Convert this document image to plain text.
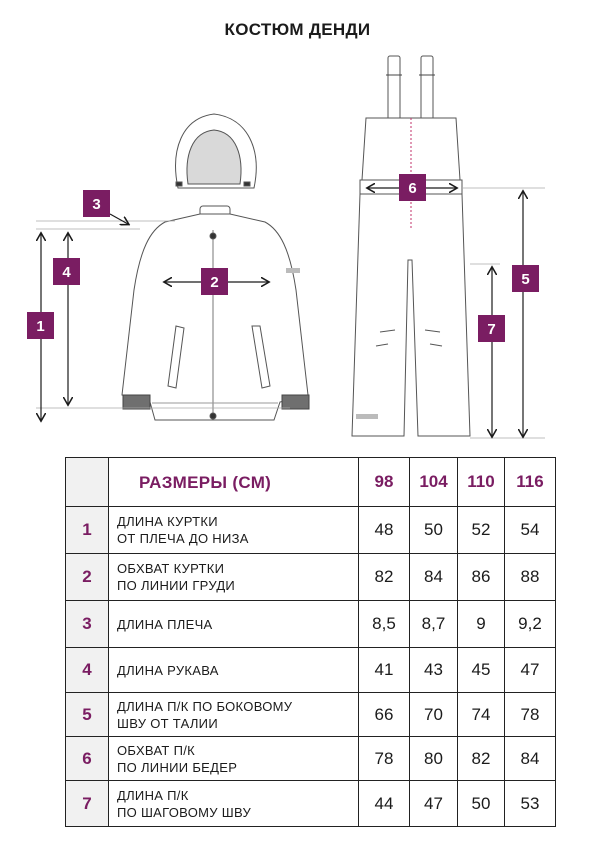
КОСТЮМ ДЕНДИ
1
2
3
4	5
6
7
	РАЗМЕРЫ (СМ)	98	104	110	116
1	ДЛИНА КУРТКИ
ОТ ПЛЕЧА ДО НИЗА	48	50	52	54
2	ОБХВАТ КУРТКИ
ПО ЛИНИИ ГРУДИ	82	84	86	88
3	ДЛИНА ПЛЕЧА	8,5	8,7	9	9,2
4	ДЛИНА РУКАВА	41	43	45	47
5	ДЛИНА П/К ПО БОКОВОМУ
ШВУ ОТ ТАЛИИ	66	70	74	78
6	ОБХВАТ П/К
ПО ЛИНИИ БЕДЕР	78	80	82	84
7	ДЛИНА П/К
ПО ШАГОВОМУ ШВУ	44	47	50	53
